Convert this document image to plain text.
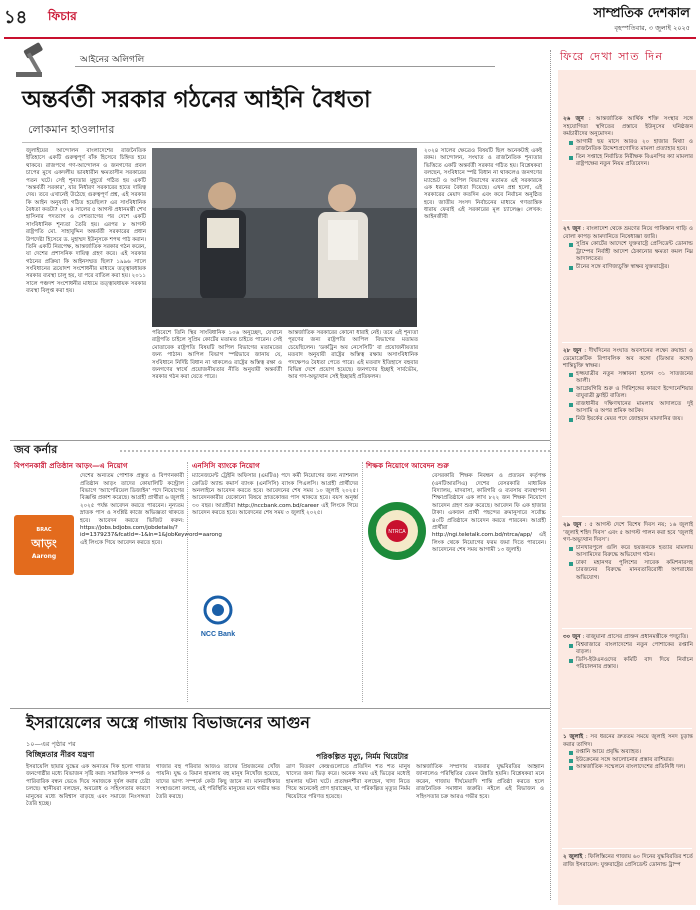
১৪	ফিচার	সাম্প্রতিক দেশকাল
বৃহস্পতিবার, ৩ জুলাই ২০২৫
আইনের অলিগলি
অন্তর্বর্তী সরকার গঠনের আইনি বৈধতা
লোকমান হাওলাদার
জুলাইয়ের আন্দোলন বাংলাদেশের রাজনৈতিক ইতিহাসে একটি গুরুত্বপূর্ণ বাঁক হিসেবে চিহ্নিত হয়ে থাকবে। রাজপথে গণ-আন্দোলন ও জনগণের প্রবল চাপের মুখে একদলীয় ভাবধারীন ক্ষমতাসীন সরকারের পতন ঘটে। সেই শূন্যতার মুহূর্তে গঠিত হয় একটি ‘অন্তর্বর্তী সরকার’, যার নির্ধারণ সরকারের হাতে দায়িত্ব দেয়। তবে এখানেই উঠেছে গুরুত্বপূর্ণ প্রশ্ন, এই সরকার কি আইন অনুযায়ী গঠিত হয়েছিল? এর সাংবিধানিক বৈধতা কতটা? ২০২৪ সালের ৫ আগস্ট প্রধানমন্ত্রী শেখ হাসিনার পদত্যাগ ও দেশত্যাগের পর দেশে একটি সাংবিধানিক শূন্যতা তৈরি হয়। এরপর ৮ আগস্ট রাষ্ট্রপতি মো. সাহাবুদ্দিন অন্তর্বর্তী সরকারের প্রধান উপদেষ্টা হিসেবে ড. মুহাম্মদ ইউনূসকে শপথ পাঠ করান। তিনি একটি নিরপেক্ষ, আন্তর্জাতিক সরকার গঠন করেন, যা দেশের প্রশাসনিক দায়িত্ব গ্রহণ করে। এই সরকার গঠনের প্রক্রিয়া কি আইনসম্মত ছিল? ১৯৯৬ সালে সংবিধানের ত্রয়োদশ সংশোধনীর মাধ্যমে তত্ত্বাবধায়ক সরকার ব্যবস্থা চালু হয়, যা পরে বাতিল করা হয়। ২০১১ সালে পঞ্চদশ সংশোধনীর মাধ্যমে তত্ত্বাবধায়ক সরকার ব্যবস্থা বিলুপ্ত করা হয়।
পরিবেশে তিনি স্থির সাংবিধানিক ১০৬ অনুচ্ছেদ, যেখানে রাষ্ট্রপতি চাইলে সুপ্রিম কোর্টের মতামত চাইতে পারেন। সেই মোতাবেক রাষ্ট্রপতি বিষয়টি আপিল বিভাগের মতামতের জন্য পাঠান। আপিল বিভাগ স্পষ্টভাবে জানায় যে, সংবিধানে নির্দিষ্ট বিধান না থাকলেও রাষ্ট্রের অস্তিত্ব রক্ষা ও জনগণের স্বার্থে প্রয়োজনীয়তার নীতি অনুযায়ী অন্তর্বর্তী সরকার গঠন করা যেতে পারে।
আন্তর্জাতিক সরকারের কোনো ধারাই নেই। তবে এই শূন্যতা পূরণের জন্য রাষ্ট্রপতি আপিল বিভাগের মতামত চেয়েছিলেন। ‘ডকট্রিন অব নেসেসিটি’ বা প্রয়োজনীয়তার মতবাদ অনুযায়ী রাষ্ট্রের অস্তিত্ব রক্ষায় অসাংবিধানিক পদক্ষেপও বৈধতা পেতে পারে। এই মতবাদ ইতিহাসে বহুবার বিভিন্ন দেশে প্রয়োগ হয়েছে। জনগণের ইচ্ছাই সার্বভৌম, আর গণ-অভ্যুত্থান সেই ইচ্ছারই প্রতিফলন।
২০২৪ সালের ক্ষেত্রেও বিষয়টি ছিল অনেকটাই একই রকম। আন্দোলন, সংঘাত ও রাজনৈতিক শূন্যতার ভিত্তিতে একটি অন্তর্বর্তী সরকার গঠিত হয়। বিশ্লেষকরা বলছেন, সংবিধানে স্পষ্ট বিধান না থাকলেও জনগণের ম্যান্ডেট ও আপিল বিভাগের মতামত এই সরকারকে এক ধরনের বৈধতা দিয়েছে। এখন প্রশ্ন হলো, এই সরকারের মেয়াদ কতদিন এবং কবে নির্বাচন অনুষ্ঠিত হবে। জাতীয় সংসদ নির্বাচনের মাধ্যমে গণতান্ত্রিক ধারায় ফেরাই এই সরকারের মূল চ্যালেঞ্জ। লেখক: আইনজীবী
জব কর্নার
বিপণনকারী প্রতিষ্ঠান আড়ং—এ নিয়োগ

দেশের অন্যতম পোশাক প্রস্তুত ও বিপণনকারী প্রতিষ্ঠান আড়ং তাদের কোয়ালিটি কন্ট্রোল বিভাগে ‘অ্যাপেরিয়েল ডিজাইন’ পদে নিয়োগের বিজ্ঞপ্তি প্রকাশ করেছে। আগ্রহী প্রার্থীরা ৬ জুলাই ২০২৫ পর্যন্ত আবেদন করতে পারবেন। নূন্যতম স্নাতক পাস ও সংশ্লিষ্ট কাজে অভিজ্ঞতা থাকতে হবে। আবেদন করতে ভিজিট করুন: https://jobs.bdjobs.com/jobdetails/?id=1379237&fcatId=-1&ln=1&JobKeyword=aarong এই লিংকে গিয়ে আবেদন করতে হবে।

BRAC
আড়ং
Aarong
এনসিসি ব্যাংকে নিয়োগ

ম্যানেজমেন্ট ট্রেইনি অফিসার (এমটিও) পদে কর্মী নিয়োগের জন্য ন্যাশনাল ক্রেডিট অ্যান্ড কমার্স ব্যাংক (এনসিসি) ব্যাংক পিএলসি। আগ্রহী প্রার্থীদের অনলাইনে আবেদন করতে হবে। আবেদনের শেষ সময় ১০ জুলাই ২০২৫। আবেদনকারীর যেকোনো বিষয়ে স্নাতকোত্তর পাস থাকতে হবে। বয়স অনূর্ধ্ব ৩০ বছর। আগ্রহীরা http://nccbank.com.bd/career এই লিংকে গিয়ে আবেদন করতে হবে। আবেদনের শেষ সময় ৩ জুলাই ২০২৫।

NCC Bank
শিক্ষক নিয়োগে আবেদন শুরু

বেসরকারি শিক্ষক নিবন্ধন ও প্রত্যয়ন কর্তৃপক্ষ (এনটিআরসিএ) দেশের বেসরকারি মাধ্যমিক বিদ্যালয়, মাদরাসা, কারিগরি ও ব্যবসায় ব্যবস্থাপনা শিক্ষাপ্রতিষ্ঠানে এক লাখ ৮২২ জন শিক্ষক নিয়োগে আবেদন গ্রহণ শুরু করেছে। আবেদন ফি এক হাজার টাকা। একজন প্রার্থী পছন্দের ক্রমানুসারে সর্বোচ্চ ৪০টি প্রতিষ্ঠানে আবেদন করতে পারবেন। আগ্রহী প্রার্থীরা http://ngi.teletalk.com.bd/ntrca/app/ এই লিংক থেকে নিয়োগের ফরম জমা দিতে পারবেন। আবেদনের শেষ সময় আগামী ১৩ জুলাই।

NTRCA
ইসরায়েলের অস্ত্রে গাজায় বিভাজনের আগুন
১০—এর পৃষ্ঠার পর
বিচ্ছিন্নতার নীরব যন্ত্রণা	পরিকল্পিত মৃত্যু, নির্মম থিয়েটার
ইসরায়েলি ছায়ার যুদ্ধের এক অন্যতম দিক হলো গাজার জনগোষ্ঠীর মধ্যে বিভাজন সৃষ্টি করা। সামাজিক সম্পর্ক ও পারিবারিক বন্ধন ভেঙে দিয়ে সমাজকে দুর্বল করার চেষ্টা চলছে। স্থানীয়রা বলছেন, অবরোধ ও সহিংসতার কারণে মানুষের মধ্যে অবিশ্বাস বাড়ছে এবং সমাজে নিঃসঙ্গতা তৈরি হচ্ছে।
গাজার বহু পরিবার আজও তাদের প্রিয়জনের খোঁজ পায়নি। যুদ্ধ ও বিমান হামলায় বহু মানুষ নিখোঁজ হয়েছে, যাদের ভাগ্য সম্পর্কে কেউ কিছু জানে না। মানবাধিকার সংস্থাগুলো বলছে, এই পরিস্থিতি মানুষের মনে গভীর ক্ষত তৈরি করছে।
ত্রাণ বিতরণ কেন্দ্রগুলোতে প্রতিদিন শত শত মানুষ খাদ্যের জন্য ভিড় করে। অনেক সময় এই ভিড়ের মধ্যেই হামলার ঘটনা ঘটে। প্রত্যক্ষদর্শীরা বলছেন, খাদ্য নিতে গিয়ে অনেকেই প্রাণ হারাচ্ছেন, যা পরিকল্পিত মৃত্যুর নির্মম থিয়েটারে পরিণত হয়েছে।
আন্তর্জাতিক সম্প্রদায় বারবার যুদ্ধবিরতির আহ্বান জানালেও পরিস্থিতির তেমন উন্নতি হয়নি। বিশ্লেষকরা মনে করেন, গাজায় দীর্ঘমেয়াদি শান্তি প্রতিষ্ঠা করতে হলে রাজনৈতিক সমাধান জরুরি। নইলে এই বিভাজন ও সহিংসতার চক্র আরও গভীর হবে।
ফিরে দেখা সাত দিন

২৬ জুন : আন্তর্জাতিক আর্থিক শক্তি সংস্থার সঙ্গে সহযোগিতা স্থগিতের প্রস্তাবে ইউনূসের ঘনিষ্ঠজন কর্মচারীদের অনুমোদন।

আগামী ছয় মাসে আরও ২০ হাজার মিথ্যা ও রাজনৈতিক উদ্দেশ্যপ্রণোদিত মামলা প্রত্যাহার হবে।
তিন সপ্তাহে নির্বাচিত নিরীক্ষক বিএনপির ক্যা মামলার রাষ্ট্রপক্ষের নতুন নিয়ম প্রতিবেদন।

২৭ জুন : বাংলাদেশ থেকে ভ্রমণের নিয়ে পাকিস্তান গাড়ি ও বোলা কাপড় আমদানিতে নিষেধাজ্ঞা জারি।

সুপ্রিম কোর্টের আদেশে যুক্তরাষ্ট্রে প্রেসিডেন্ট ডোনাল্ড ট্রাম্পের নির্বাহী আদেশ ঠেকানোর ক্ষমতা কমল নিম্ন আদালতের।
চীনের সঙ্গে বাণিজ্যচুক্তি স্বাক্ষর যুক্তরাষ্ট্রের।

২৮ জুন : দীর্ঘদিনের সংঘাত অবসানের লক্ষ্যে রুয়ান্ডা ও ডেমোক্রেটিক রিপাবলিক অব কঙ্গো (ডিআর কঙ্গো) শান্তিচুক্তি স্বাক্ষর।

হজ্জযাত্রীর নতুন সম্ভাবনা হলেন ৩১ সাতজনের আলী।
আগ্নেয়গিরি শুরু ও গিরিশৃঙ্গের কারণে ইন্দোনেশিয়ার বাযুবাত্রী ফ্লাইট বাতিল।
রাজধানীর দক্ষিণখানের মামলায় আদালতে দুই আসামি ও অপর শ্রমিক আটক।
নিউ ইয়র্কের মেয়র পদে জোহরান মামদানির জয়।

২৯ জুন : ৫ আগস্ট দেশে বিশেষ দিবস নয়; ১৬ জুলাই ‘জুলাই শহিদ দিবস’ এবং ৫ আগস্ট পালন করা হবে ‘জুলাই গণ-অভ্যুত্থান দিবস’।

চানখারপুলে গুলি করে ছয়জনকে হত্যার মামলায় আসামিদের বিরুদ্ধে অভিযোগ গঠন।
ঢাকা মহানগর পুলিশের সাবেক কমিশনারসহ চারজনের বিরুদ্ধে মানবতাবিরোধী অপরাধের অভিযোগ।

৩০ জুন : বাজুয়ানা প্রাসের প্রাক্তন প্রধানমন্ত্রীকে পদচ্যুতি।

বিশ্ববাজারে বাংলাদেশের নতুন পোশাকের রপ্তানি বাড়ল।
ডিসি-ইউএনওদের কমিটি বাদ দিয়ে নির্বাচন পরিচালনার প্রস্তাব।

১ জুলাই : সব ধরনের দ্রুততম সময়ে জুলাই সনদ চূড়ান্ত করার তাগিদ।

রপ্তানি আয়ে প্রবৃদ্ধি অব্যাহত।
ইউক্রেনের সঙ্গে আলোচনার প্রস্তাব রাশিয়ার।
আন্তর্জাতিক সম্মেলনে বাংলাদেশের প্রতিনিধি দল।

২ জুলাই : ফিলিস্তিনের গাজায় ৬০ দিনের যুদ্ধবিরতির শর্তে রাজি ইসরায়েল: যুক্তরাষ্ট্রের প্রেসিডেন্ট ডোনাল্ড ট্রাম্প
